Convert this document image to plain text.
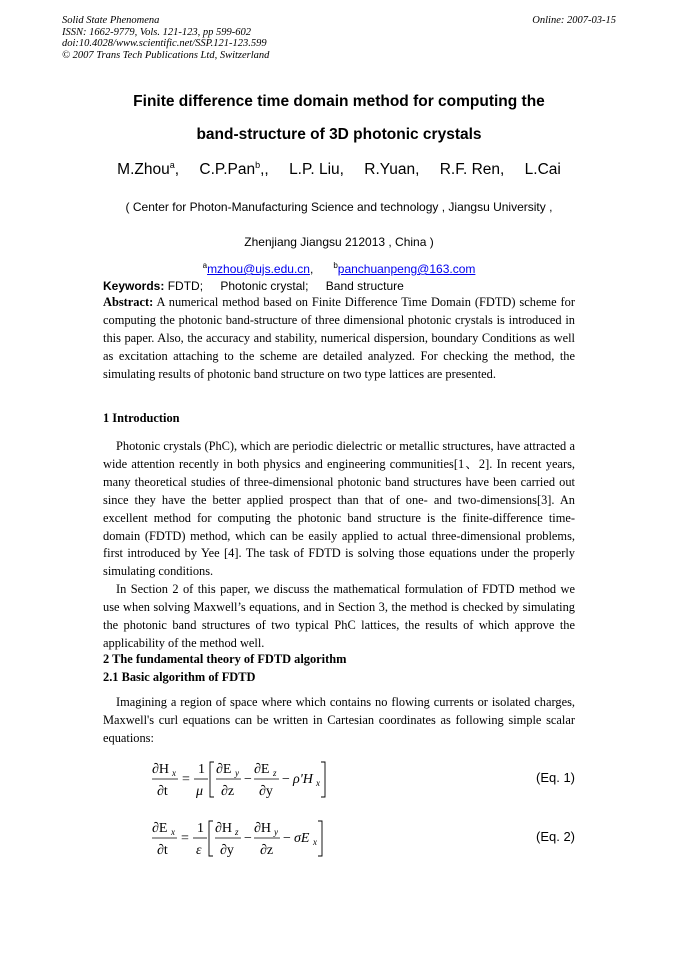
Solid State Phenomena
ISSN: 1662-9779, Vols. 121-123, pp 599-602
doi:10.4028/www.scientific.net/SSP.121-123.599
© 2007 Trans Tech Publications Ltd, Switzerland
Online: 2007-03-15
Finite difference time domain method for computing the
band-structure of 3D photonic crystals
M.Zhou$^a$, C.P.Pan$^b$,, L.P. Liu, R.Yuan, R.F. Ren, L.Cai
( Center for Photon-Manufacturing Science and technology , Jiangsu University ,
Zhenjiang Jiangsu 212013 , China )
$^a$mzhou@ujs.edu.cn,	$^b$panchuanpeng@163.com
Keywords: FDTD; Photonic crystal; Band structure

Abstract: A numerical method based on Finite Difference Time Domain (FDTD) scheme for computing the photonic band-structure of three dimensional photonic crystals is introduced in this paper. Also, the accuracy and stability, numerical dispersion, boundary Conditions as well as excitation attaching to the scheme are detailed analyzed. For checking the method, the simulating results of photonic band structure on two type lattices are presented.

1 Introduction

Photonic crystals (PhC), which are periodic dielectric or metallic structures, have attracted a wide attention recently in both physics and engineering communities[1、2]. In recent years, many theoretical studies of three-dimensional photonic band structures have been carried out since they have the better applied prospect than that of one- and two-dimensions[3]. An excellent method for computing the photonic band structure is the finite-difference time-domain (FDTD) method, which can be easily applied to actual three-dimensional problems, first introduced by Yee [4]. The task of FDTD is solving those equations under the properly simulating conditions.

In Section 2 of this paper, we discuss the mathematical formulation of FDTD method we use when solving Maxwell’s equations, and in Section 3, the method is checked by simulating the photonic band structures of two typical PhC lattices, the results of which approve the applicability of the method well.

2 The fundamental theory of FDTD algorithm
2.1 Basic algorithm of FDTD

Imagining a region of space where which contains no flowing currents or isolated charges, Maxwell's curl equations can be written in Cartesian coordinates as following simple scalar equations:

∂H x
∂t
=
1
μ
∂E y
∂z
−
∂E z
∂y
− ρ'H x	(Eq. 1)
∂E x
∂t
=
1
ε
∂H z
∂y
−
∂H y
∂z
− σE x	(Eq. 2)
